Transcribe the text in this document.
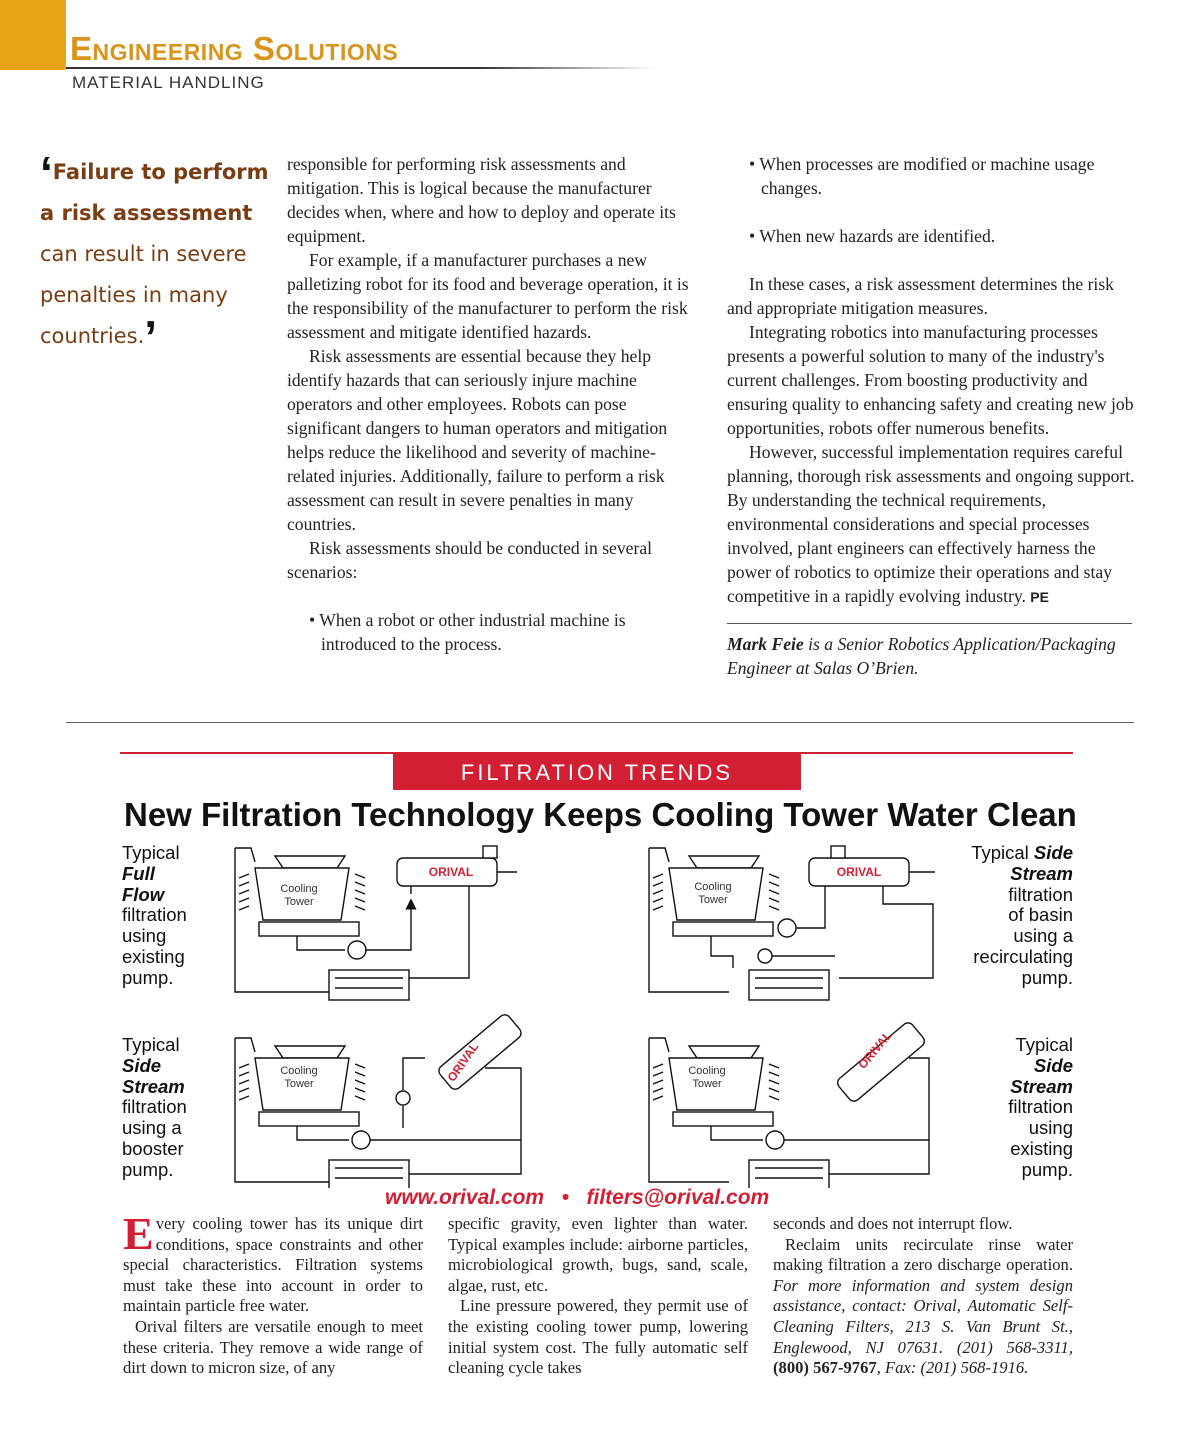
Engineering Solutions
MATERIAL HANDLING
‘Failure to perform
a risk assessment
can result in severe
penalties in many
countries.’

responsible for performing risk assessments and mitigation. This is logical because the manufacturer decides when, where and how to deploy and operate its equipment.

For example, if a manufacturer purchases a new palletizing robot for its food and beverage operation, it is the responsibility of the manufacturer to perform the risk assessment and mitigate identified hazards.

Risk assessments are essential because they help identify hazards that can seriously injure machine operators and other employees. Robots can pose significant dangers to human operators and mitigation helps reduce the likelihood and severity of machine-related injuries. Additionally, failure to perform a risk assessment can result in severe penalties in many countries.

Risk assessments should be conducted in several scenarios:

• When a robot or other industrial machine is introduced to the process.

• When processes are modified or machine usage changes.

• When new hazards are identified.

In these cases, a risk assessment determines the risk and appropriate mitigation measures.

Integrating robotics into manufacturing processes presents a powerful solution to many of the industry's current challenges. From boosting productivity and ensuring quality to enhancing safety and creating new job opportunities, robots offer numerous benefits.

However, successful implementation requires careful planning, thorough risk assessments and ongoing support. By understanding the technical requirements, environmental considerations and special processes involved, plant engineers can effectively harness the power of robotics to optimize their operations and stay competitive in a rapidly evolving industry. PE

Mark Feie is a Senior Robotics Application/Packaging Engineer at Salas O’Brien.

FILTRATION TRENDS
New Filtration Technology Keeps Cooling Tower Water Clean
Typical
Full
Flow
filtration
using
existing
pump.
Typical Side
Stream
filtration
of basin
using a
recirculating
pump.
Typical
Side
Stream
filtration
using a
booster
pump.
Typical
Side
Stream
filtration
using
existing
pump.
Cooling
Tower
Cooling
Tower
Cooling
Tower
Cooling
Tower
ORIVAL	ORIVAL
ORIVAL	ORIVAL
www.orival.com • filters@orival.com

Every cooling tower has its unique dirt conditions, space constraints and other special characteristics. Filtration systems must take these into account in order to maintain particle free water.

Orival filters are versatile enough to meet these criteria. They remove a wide range of dirt down to micron size, of any

specific gravity, even lighter than water. Typical examples include: airborne particles, microbiological growth, bugs, sand, scale, algae, rust, etc.

Line pressure powered, they permit use of the existing cooling tower pump, lowering initial system cost. The fully automatic self cleaning cycle takes

seconds and does not interrupt flow.

Reclaim units recirculate rinse water making filtration a zero discharge operation. For more information and system design assistance, contact: Orival, Automatic Self-Cleaning Filters, 213 S. Van Brunt St., Englewood, NJ 07631. (201) 568-3311, (800) 567-9767, Fax: (201) 568-1916.
